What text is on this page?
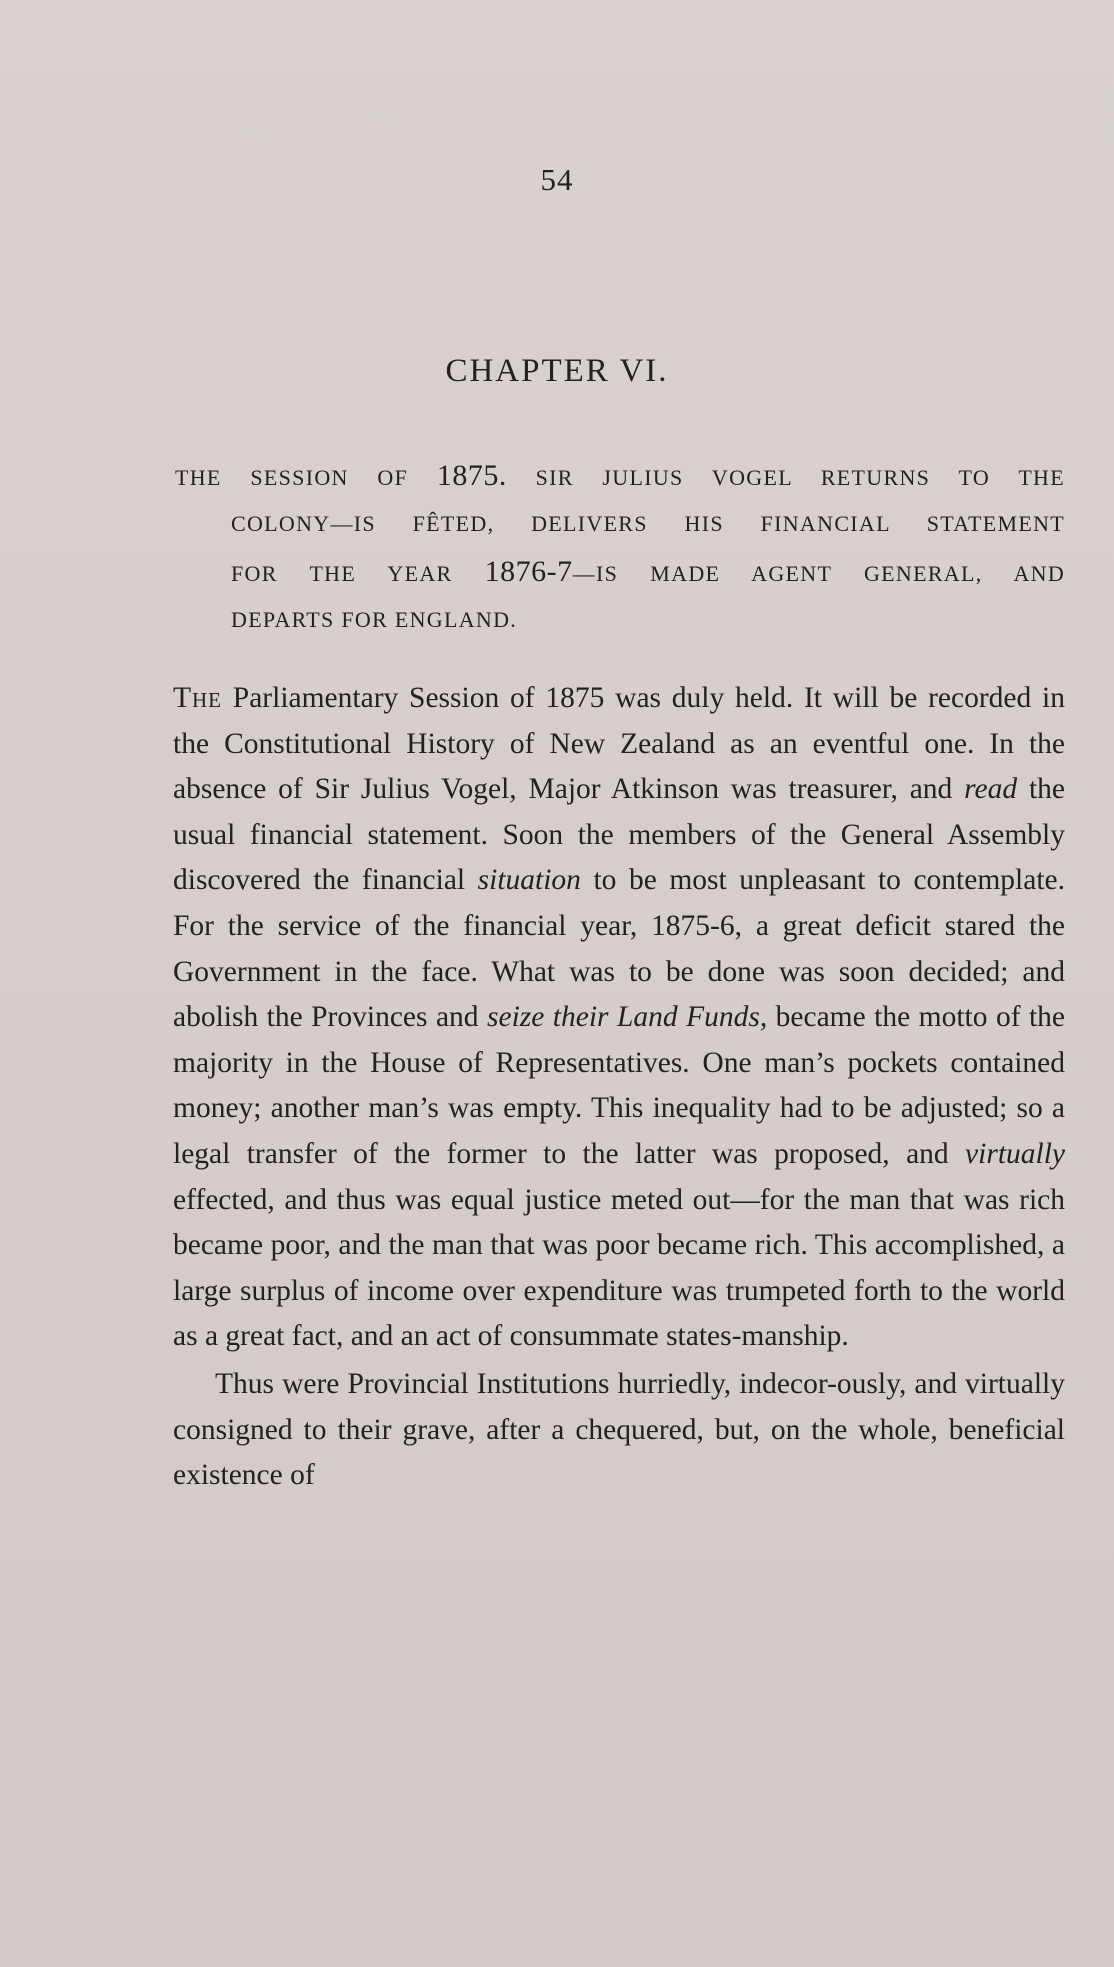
54
CHAPTER VI.
THE SESSION OF 1875. SIR JULIUS VOGEL RETURNS TO THE
COLONY—IS FÊTED, DELIVERS HIS FINANCIAL STATEMENT
FOR THE YEAR 1876-7—IS MADE AGENT GENERAL, AND
DEPARTS FOR ENGLAND.

The Parliamentary Session of 1875 was duly held. It will be recorded in the Constitutional History of New Zealand as an eventful one. In the absence of Sir Julius Vogel, Major Atkinson was treasurer, and read the usual financial statement. Soon the members of the General Assembly discovered the financial situation to be most unpleasant to contemplate. For the service of the financial year, 1875-6, a great deficit stared the Government in the face. What was to be done was soon decided; and abolish the Provinces and seize their Land Funds, became the motto of the majority in the House of Representatives. One man’s pockets contained money; another man’s was empty. This inequality had to be adjusted; so a legal transfer of the former to the latter was proposed, and virtually effected, and thus was equal justice meted out—for the man that was rich became poor, and the man that was poor became rich. This accomplished, a large surplus of income over expenditure was trumpeted forth to the world as a great fact, and an act of consummate states-manship.

Thus were Provincial Institutions hurriedly, indecor-ously, and virtually consigned to their grave, after a chequered, but, on the whole, beneficial existence of
